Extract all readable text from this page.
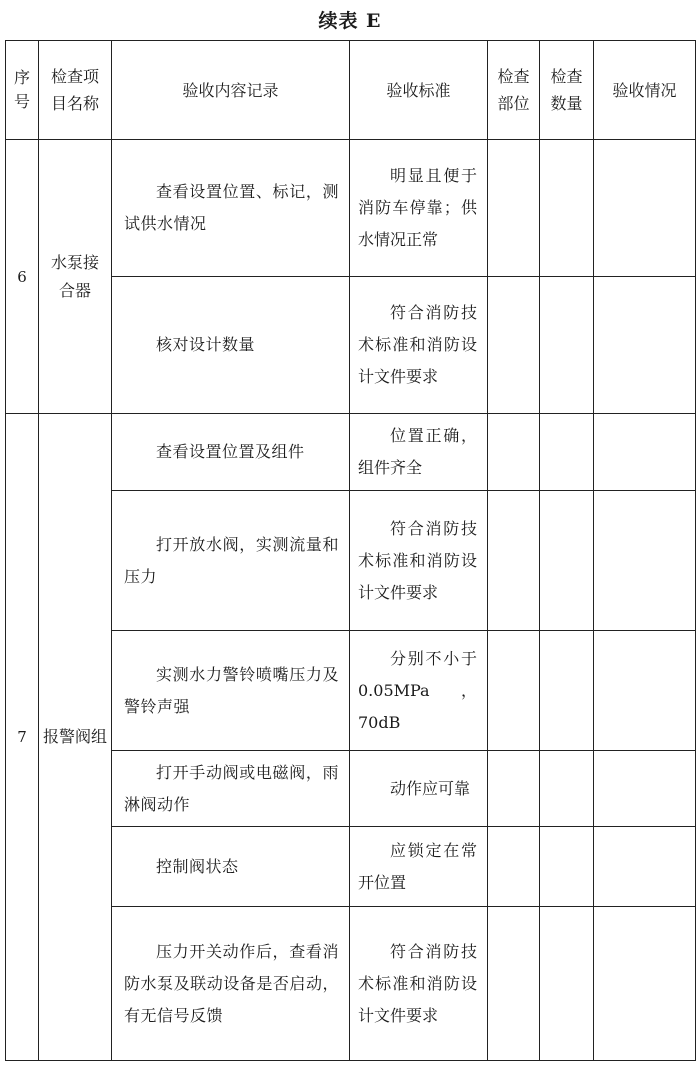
续表 E
序号	检查项目名称	验收内容记录	验收标准	检查部位	检查数量	验收情况
6	水泵接合器	查看设置位置、标记，测试供水情况	明显且便于消防车停靠；供水情况正常			

		核对设计数量	符合消防技术标准和消防设计文件要求			

7	报警阀组	查看设置位置及组件	位置正确，组件齐全			

		打开放水阀，实测流量和压力	符合消防技术标准和消防设计文件要求			

		实测水力警铃喷嘴压力及警铃声强	分别不小于0.05MPa，70dB			

		打开手动阀或电磁阀，雨淋阀动作	动作应可靠			

		控制阀状态	应锁定在常开位置			

		压力开关动作后，查看消防水泵及联动设备是否启动，有无信号反馈	符合消防技术标准和消防设计文件要求			
